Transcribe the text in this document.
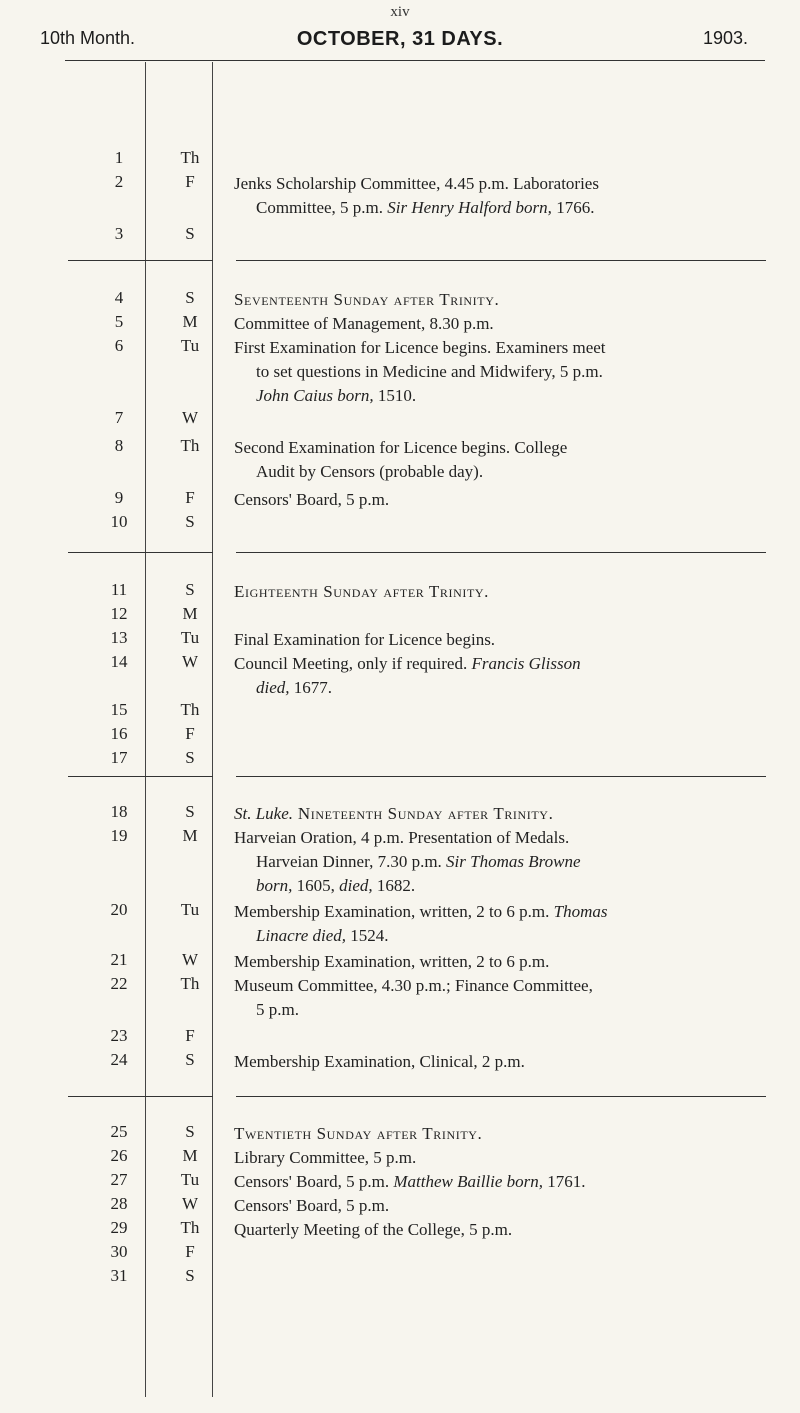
xiv
10th Month.	OCTOBER, 31 DAYS.	1903.
1	Th
2	F	Jenks Scholarship Committee, 4.45 p.m. Laboratories
Committee, 5 p.m. Sir Henry Halford born, 1766.
3	S
4	S	Seventeenth Sunday after Trinity.
5	M	Committee of Management, 8.30 p.m.
6	Tu	First Examination for Licence begins. Examiners meet
to set questions in Medicine and Midwifery, 5 p.m.
John Caius born, 1510.
7	W
8	Th	Second Examination for Licence begins. College
Audit by Censors (probable day).
9	F	Censors' Board, 5 p.m.
10	S
11	S	Eighteenth Sunday after Trinity.
12	M
13	Tu	Final Examination for Licence begins.
14	W	Council Meeting, only if required. Francis Glisson
died, 1677.
15	Th
16	F
17	S
18	S	St. Luke. Nineteenth Sunday after Trinity.
19	M	Harveian Oration, 4 p.m. Presentation of Medals.
Harveian Dinner, 7.30 p.m. Sir Thomas Browne
born, 1605, died, 1682.
20	Tu	Membership Examination, written, 2 to 6 p.m. Thomas
Linacre died, 1524.
21	W	Membership Examination, written, 2 to 6 p.m.
22	Th	Museum Committee, 4.30 p.m.; Finance Committee,
5 p.m.
23	F
24	S	Membership Examination, Clinical, 2 p.m.
25	S	Twentieth Sunday after Trinity.
26	M	Library Committee, 5 p.m.
27	Tu	Censors' Board, 5 p.m. Matthew Baillie born, 1761.
28	W	Censors' Board, 5 p.m.
29	Th	Quarterly Meeting of the College, 5 p.m.
30	F
31	S
